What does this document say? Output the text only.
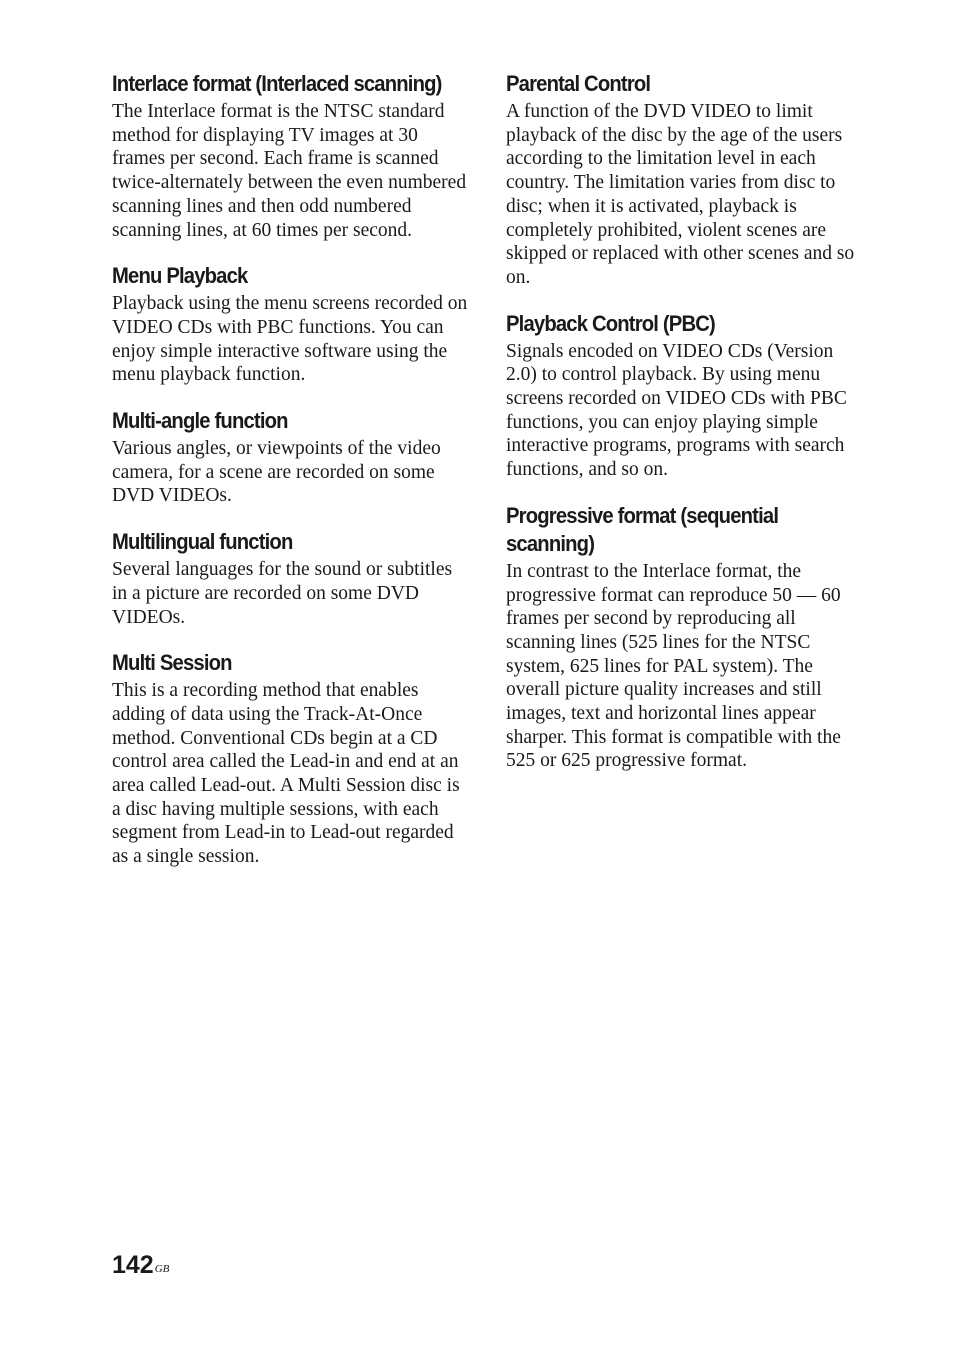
Interlace format (Interlaced scanning)

The Interlace format is the NTSC standard method for displaying TV images at 30 frames per second. Each frame is scanned twice-alternately between the even numbered scanning lines and then odd numbered scanning lines, at 60 times per second.

Menu Playback

Playback using the menu screens recorded on VIDEO CDs with PBC functions. You can enjoy simple interactive software using the menu playback function.

Multi-angle function

Various angles, or viewpoints of the video camera, for a scene are recorded on some DVD VIDEOs.

Multilingual function

Several languages for the sound or subtitles in a picture are recorded on some DVD VIDEOs.

Multi Session

This is a recording method that enables adding of data using the Track-At-Once method. Conventional CDs begin at a CD control area called the Lead-in and end at an area called Lead-out. A Multi Session disc is a disc having multiple sessions, with each segment from Lead-in to Lead-out regarded as a single session.

Parental Control

A function of the DVD VIDEO to limit playback of the disc by the age of the users according to the limitation level in each country. The limitation varies from disc to disc; when it is activated, playback is completely prohibited, violent scenes are skipped or replaced with other scenes and so on.

Playback Control (PBC)

Signals encoded on VIDEO CDs (Version 2.0) to control playback. By using menu screens recorded on VIDEO CDs with PBC functions, you can enjoy playing simple interactive programs, programs with search functions, and so on.

Progressive format (sequential scanning)

In contrast to the Interlace format, the progressive format can reproduce 50 — 60 frames per second by reproducing all scanning lines (525 lines for the NTSC system, 625 lines for PAL system). The overall picture quality increases and still images, text and horizontal lines appear sharper. This format is compatible with the 525 or 625 progressive format.

$142^{GB}$
